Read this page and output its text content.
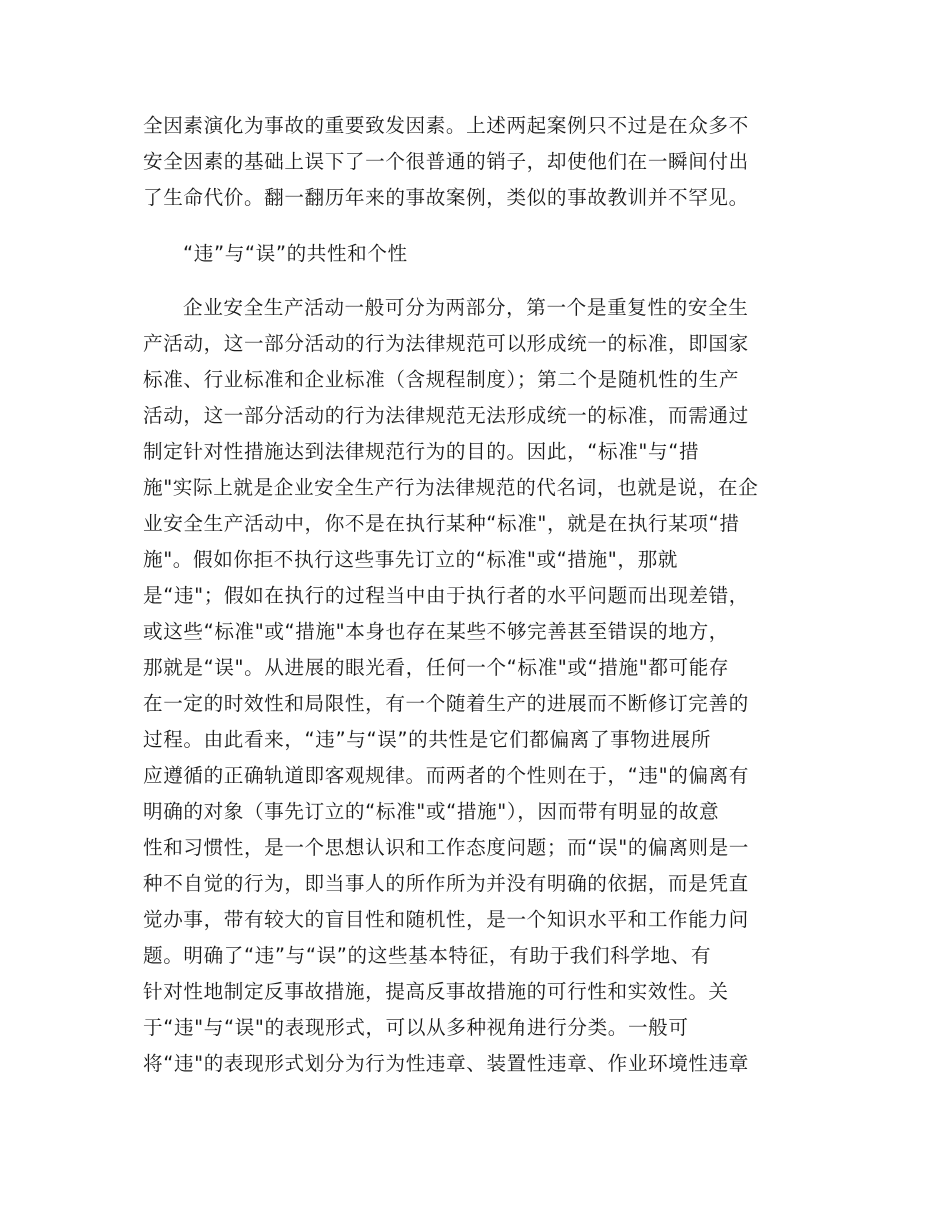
全因素演化为事故的重要致发因素。上述两起案例只不过是在众多不
安全因素的基础上误下了一个很普通的销子，却使他们在一瞬间付出
了生命代价。翻一翻历年来的事故案例，类似的事故教训并不罕见。
“违”与“误”的共性和个性
企业安全生产活动一般可分为两部分，第一个是重复性的安全生
产活动，这一部分活动的行为法律规范可以形成统一的标准，即国家
标准、行业标准和企业标准（含规程制度）；第二个是随机性的生产
活动，这一部分活动的行为法律规范无法形成统一的标准，而需通过
制定针对性措施达到法律规范行为的目的。因此，“标准"与“措
施"实际上就是企业安全生产行为法律规范的代名词，也就是说，在企
业安全生产活动中，你不是在执行某种“标准"，就是在执行某项“措
施"。假如你拒不执行这些事先订立的“标准"或“措施"，那就
是“违"；假如在执行的过程当中由于执行者的水平问题而出现差错，
或这些“标准"或“措施"本身也存在某些不够完善甚至错误的地方，
那就是“误"。从进展的眼光看，任何一个“标准"或“措施"都可能存
在一定的时效性和局限性，有一个随着生产的进展而不断修订完善的
过程。由此看来，“违”与“误”的共性是它们都偏离了事物进展所
应遵循的正确轨道即客观规律。而两者的个性则在于，“违"的偏离有
明确的对象（事先订立的“标准"或“措施"），因而带有明显的故意
性和习惯性，是一个思想认识和工作态度问题；而“误"的偏离则是一
种不自觉的行为，即当事人的所作所为并没有明确的依据，而是凭直
觉办事，带有较大的盲目性和随机性，是一个知识水平和工作能力问
题。明确了“违”与“误”的这些基本特征，有助于我们科学地、有
针对性地制定反事故措施，提高反事故措施的可行性和实效性。关
于“违"与“误"的表现形式，可以从多种视角进行分类。一般可
将“违"的表现形式划分为行为性违章、装置性违章、作业环境性违章
